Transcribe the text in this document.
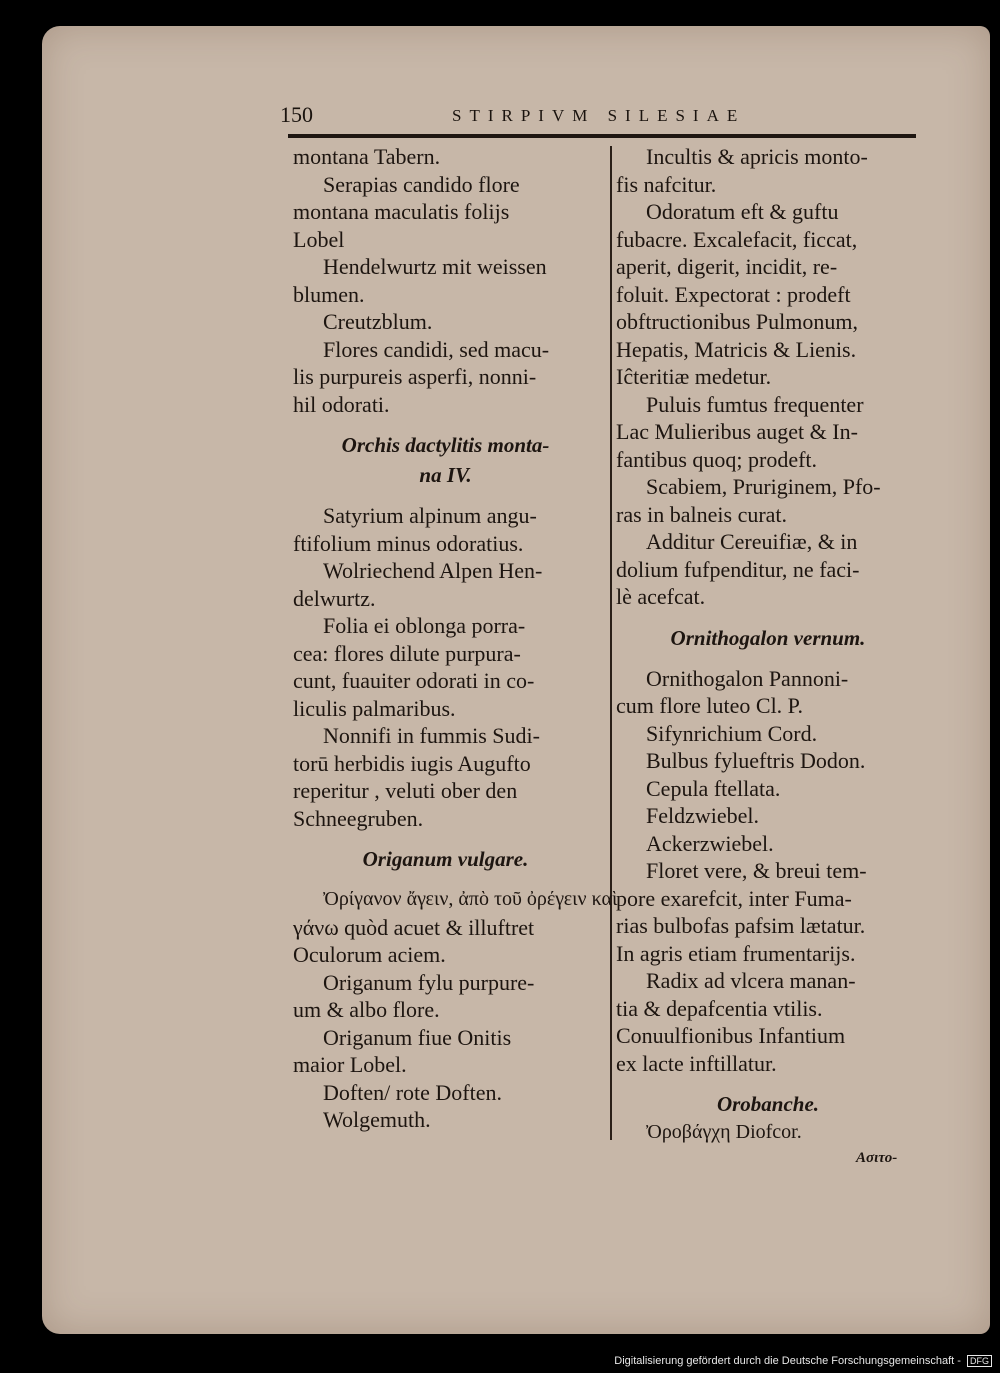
150	STIRPIVM SILESIAE
montana Tabern.
Serapias candido flore
montana maculatis folijs
Lobel
Hendelwurtz mit weissen
blumen.
Creutzblum.
Flores candidi, sed macu-
lis purpureis asperfi, nonni-
hil odorati.
Orchis dactylitis monta-
na IV.
Satyrium alpinum angu-
ftifolium minus odoratius.
Wolriechend Alpen Hen-
delwurtz.
Folia ei oblonga porra-
cea: flores dilute purpura-
cunt, fuauiter odorati in co-
liculis palmaribus.
Nonnifi in fummis Sudi-
torū herbidis iugis Augufto
reperitur , veluti ober den
Schneegruben.
Origanum vulgare.
Ὀρίγανον ἄγειν, ἀπὸ τοῦ ὀρέγειν καὶ
γάνω quòd acuet & illuftret
Oculorum aciem.
Origanum fylu purpure-
um & albo flore.
Origanum fiue Onitis
maior Lobel.
Doften/ rote Doften.
Wolgemuth.
Incultis & apricis monto-
fis nafcitur.
Odoratum eft & guftu
fubacre. Excalefacit, ficcat,
aperit, digerit, incidit, re-
foluit. Expectorat : prodeft
obftructionibus Pulmonum,
Hepatis, Matricis & Lienis.
Iĉteritiæ medetur.
Puluis fumtus frequenter
Lac Mulieribus auget & In-
fantibus quoq; prodeft.
Scabiem, Pruriginem, Pfo-
ras in balneis curat.
Additur Cereuifiæ, & in
dolium fufpenditur, ne faci-
lè acefcat.
Ornithogalon vernum.
Ornithogalon Pannoni-
cum flore luteo Cl. P.
Sifynrichium Cord.
Bulbus fylueftris Dodon.
Cepula ftellata.
Feldzwiebel.
Ackerzwiebel.
Floret vere, & breui tem-
pore exarefcit, inter Fuma-
rias bulbofas pafsim lætatur.
In agris etiam frumentarijs.
Radix ad vlcera manan-
tia & depafcentia vtilis.
Conuulfionibus Infantium
ex lacte inftillatur.
Orobanche.
Ὀροβάγχη Diofcor.
Ασιτο-
Digitalisierung gefördert durch die Deutsche Forschungsgemeinschaft - DFG
